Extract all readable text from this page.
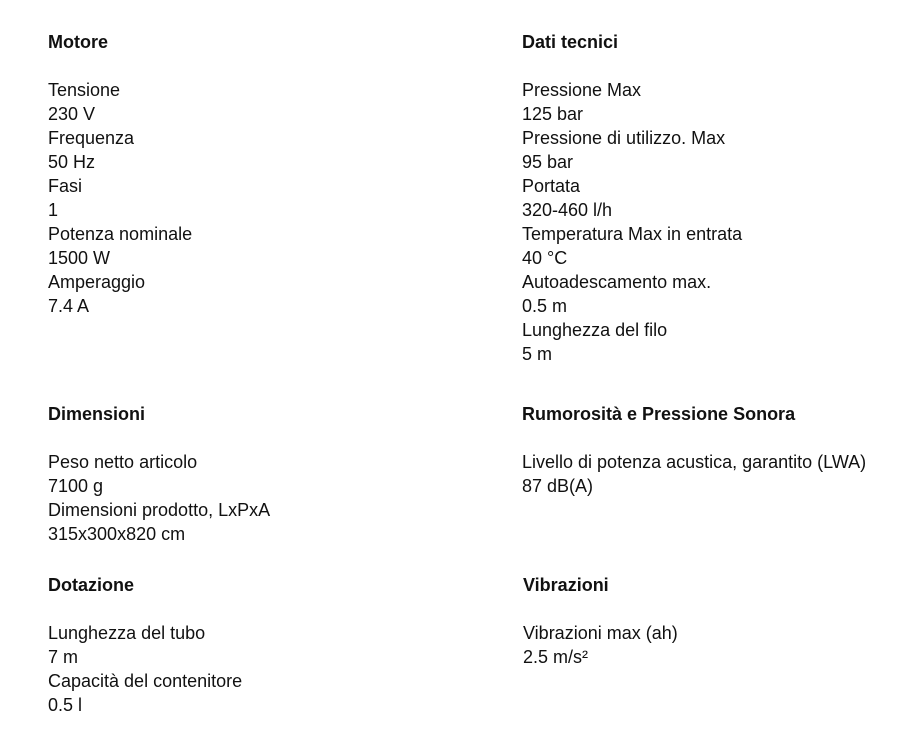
Motore

Tensione

230 V

Frequenza

50 Hz

Fasi

1

Potenza nominale

1500 W

Amperaggio

7.4 A

Dati tecnici

Pressione Max

125 bar

Pressione di utilizzo. Max

95 bar

Portata

320-460 l/h

Temperatura Max in entrata

40 °C

Autoadescamento max.

0.5 m

Lunghezza del filo

5 m

Dimensioni

Peso netto articolo

7100 g

Dimensioni prodotto, LxPxA

315x300x820 cm

Rumorosità e Pressione Sonora

Livello di potenza acustica, garantito (LWA)

87 dB(A)

Dotazione

Lunghezza del tubo

7 m

Capacità del contenitore

0.5 l

Vibrazioni

Vibrazioni max (ah)

2.5 m/s²
